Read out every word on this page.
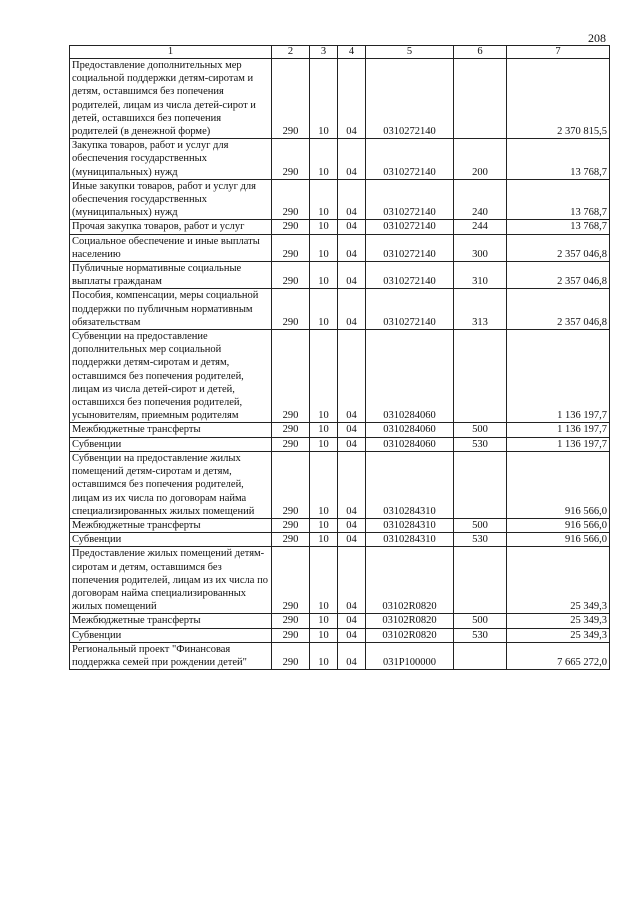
208
1	2	3	4	5	6	7
Предоставление дополнительных мер социальной поддержки детям-сиротам и детям, оставшимся без попечения родителей, лицам из числа детей-сирот и детей, оставшихся без попечения родителей (в денежной форме)	290	10	04	0310272140		2 370 815,5
Закупка товаров, работ и услуг для обеспечения государственных (муниципальных) нужд	290	10	04	0310272140	200	13 768,7
Иные закупки товаров, работ и услуг для обеспечения государственных (муниципальных) нужд	290	10	04	0310272140	240	13 768,7
Прочая закупка товаров, работ и услуг	290	10	04	0310272140	244	13 768,7
Социальное обеспечение и иные выплаты населению	290	10	04	0310272140	300	2 357 046,8
Публичные нормативные социальные выплаты гражданам	290	10	04	0310272140	310	2 357 046,8
Пособия, компенсации, меры социальной поддержки по публичным нормативным обязательствам	290	10	04	0310272140	313	2 357 046,8
Субвенции на предоставление дополнительных мер социальной поддержки детям-сиротам и детям, оставшимся без попечения родителей, лицам из числа детей-сирот и детей, оставшихся без попечения родителей, усыновителям, приемным родителям	290	10	04	0310284060		1 136 197,7
Межбюджетные трансферты	290	10	04	0310284060	500	1 136 197,7
Субвенции	290	10	04	0310284060	530	1 136 197,7
Субвенции на предоставление жилых помещений детям-сиротам и детям, оставшимся без попечения родителей, лицам из их числа по договорам найма специализированных жилых помещений	290	10	04	0310284310		916 566,0
Межбюджетные трансферты	290	10	04	0310284310	500	916 566,0
Субвенции	290	10	04	0310284310	530	916 566,0
Предоставление жилых помещений детям-сиротам и детям, оставшимся без попечения родителей, лицам из их числа по договорам найма специализированных жилых помещений	290	10	04	03102R0820		25 349,3
Межбюджетные трансферты	290	10	04	03102R0820	500	25 349,3
Субвенции	290	10	04	03102R0820	530	25 349,3
Региональный проект "Финансовая поддержка семей при рождении детей"	290	10	04	031P100000		7 665 272,0
